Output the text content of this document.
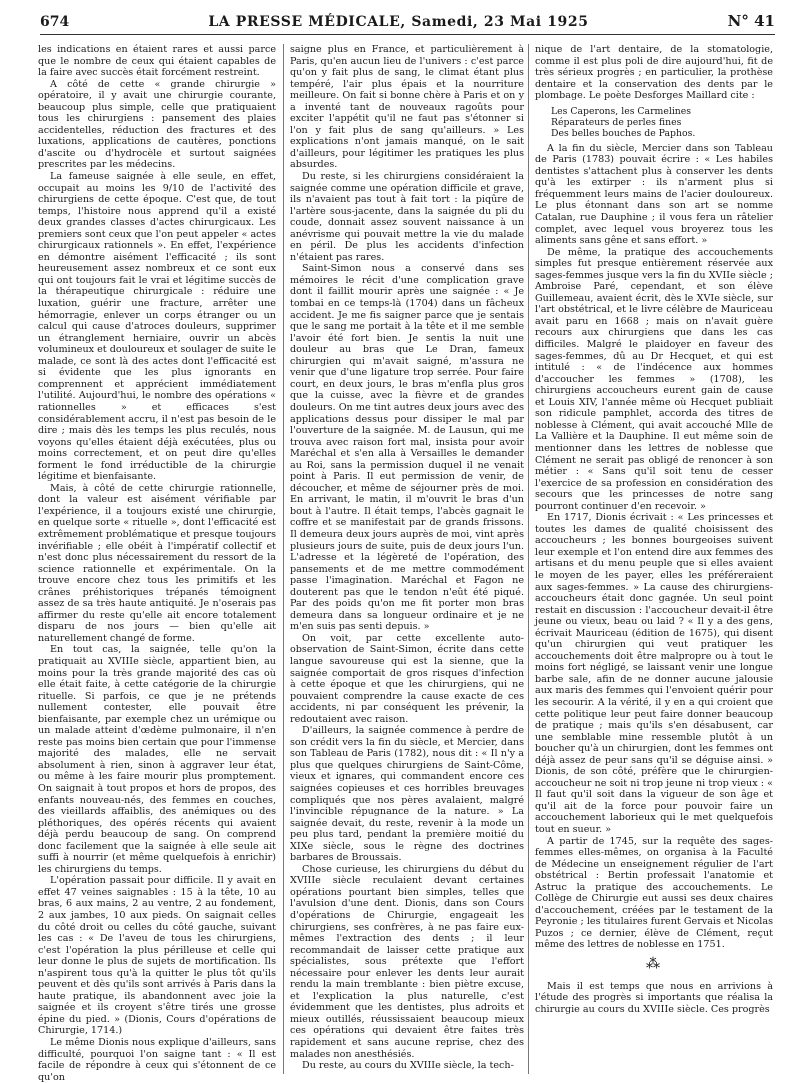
674	LA PRESSE MÉDICALE, Samedi, 23 Mai 1925	N° 41

les indications en étaient rares et aussi parce que le nombre de ceux qui étaient capables de la faire avec succès était forcément restreint.

A côté de cette « grande chirurgie » opératoire, il y avait une chirurgie courante, beaucoup plus simple, celle que pratiquaient tous les chirurgiens : pansement des plaies accidentelles, réduction des fractures et des luxations, applications de cautères, ponctions d'ascite ou d'hydrocèle et surtout saignées prescrites par les médecins.

La fameuse saignée à elle seule, en effet, occupait au moins les 9/10 de l'activité des chirurgiens de cette époque. C'est que, de tout temps, l'histoire nous apprend qu'il a existé deux grandes classes d'actes chirurgicaux. Les premiers sont ceux que l'on peut appeler « actes chirurgicaux rationnels ». En effet, l'expérience en démontre aisément l'efficacité ; ils sont heureusement assez nombreux et ce sont eux qui ont toujours fait le vrai et légitime succès de la thérapeutique chirurgicale : réduire une luxation, guérir une fracture, arrêter une hémorragie, enlever un corps étranger ou un calcul qui cause d'atroces douleurs, supprimer un étranglement herniaire, ouvrir un abcès volumineux et douloureux et soulager de suite le malade, ce sont là des actes dont l'efficacité est si évidente que les plus ignorants en comprennent et apprécient immédiatement l'utilité. Aujourd'hui, le nombre des opérations « rationnelles » et efficaces s'est considérablement accru, il n'est pas besoin de le dire ; mais dès les temps les plus reculés, nous voyons qu'elles étaient déjà exécutées, plus ou moins correctement, et on peut dire qu'elles forment le fond irréductible de la chirurgie légitime et bienfaisante.

Mais, à côté de cette chirurgie rationnelle, dont la valeur est aisément vérifiable par l'expérience, il a toujours existé une chirurgie, en quelque sorte « rituelle », dont l'efficacité est extrêmement problématique et presque toujours invérifiable ; elle obéit à l'impératif collectif et n'est donc plus nécessairement du ressort de la science rationnelle et expérimentale. On la trouve encore chez tous les primitifs et les crânes préhistoriques trépanés témoignent assez de sa très haute antiquité. Je n'oserais pas affirmer du reste qu'elle ait encore totalement disparu de nos jours — bien qu'elle ait naturellement changé de forme.

En tout cas, la saignée, telle qu'on la pratiquait au XVIIIe siècle, appartient bien, au moins pour la très grande majorité des cas où elle était faite, à cette catégorie de la chirurgie rituelle. Si parfois, ce que je ne prétends nullement contester, elle pouvait être bienfaisante, par exemple chez un urémique ou un malade atteint d'œdème pulmonaire, il n'en reste pas moins bien certain que pour l'immense majorité des malades, elle ne servait absolument à rien, sinon à aggraver leur état, ou même à les faire mourir plus promptement. On saignait à tout propos et hors de propos, des enfants nouveau-nés, des femmes en couches, des vieillards affaiblis, des anémiques ou des pléthoriques, des opérés récents qui avaient déjà perdu beaucoup de sang. On comprend donc facilement que la saignée à elle seule ait suffi à nourrir (et même quelquefois à enrichir) les chirurgiens du temps.

L'opération passait pour difficile. Il y avait en effet 47 veines saignables : 15 à la tête, 10 au bras, 6 aux mains, 2 au ventre, 2 au fondement, 2 aux jambes, 10 aux pieds. On saignait celles du côté droit ou celles du côté gauche, suivant les cas : « De l'aveu de tous les chirurgiens, c'est l'opération la plus périlleuse et celle qui leur donne le plus de sujets de mortification. Ils n'aspirent tous qu'à la quitter le plus tôt qu'ils peuvent et dès qu'ils sont arrivés à Paris dans la haute pratique, ils abandonnent avec joie la saignée et ils croyent s'être tirés une grosse épine du pied. » (Dionis, Cours d'opérations de Chirurgie, 1714.)

Le même Dionis nous explique d'ailleurs, sans difficulté, pourquoi l'on saigne tant : « Il est facile de répondre à ceux qui s'étonnent de ce qu'on

saigne plus en France, et particulièrement à Paris, qu'en aucun lieu de l'univers : c'est parce qu'on y fait plus de sang, le climat étant plus tempéré, l'air plus épais et la nourriture meilleure. On fait si bonne chère à Paris et on y a inventé tant de nouveaux ragoûts pour exciter l'appétit qu'il ne faut pas s'étonner si l'on y fait plus de sang qu'ailleurs. » Les explications n'ont jamais manqué, on le sait d'ailleurs, pour légitimer les pratiques les plus absurdes.

Du reste, si les chirurgiens considéraient la saignée comme une opération difficile et grave, ils n'avaient pas tout à fait tort : la piqûre de l'artère sous-jacente, dans la saignée du pli du coude, donnait assez souvent naissance à un anévrisme qui pouvait mettre la vie du malade en péril. De plus les accidents d'infection n'étaient pas rares.

Saint-Simon nous a conservé dans ses mémoires le récit d'une complication grave dont il faillit mourir après une saignée : « Je tombai en ce temps-là (1704) dans un fâcheux accident. Je me fis saigner parce que je sentais que le sang me portait à la tête et il me semble l'avoir été fort bien. Je sentis la nuit une douleur au bras que Le Dran, fameux chirurgien qui m'avait saigné, m'assura ne venir que d'une ligature trop serrée. Pour faire court, en deux jours, le bras m'enfla plus gros que la cuisse, avec la fièvre et de grandes douleurs. On me tint autres deux jours avec des applications dessus pour dissiper le mal par l'ouverture de la saignée. M. de Lausun, qui me trouva avec raison fort mal, insista pour avoir Maréchal et s'en alla à Versailles le demander au Roi, sans la permission duquel il ne venait point à Paris. Il eut permission de venir, de découcher, et même de séjourner près de moi. En arrivant, le matin, il m'ouvrit le bras d'un bout à l'autre. Il était temps, l'abcès gagnait le coffre et se manifestait par de grands frissons. Il demeura deux jours auprès de moi, vint après plusieurs jours de suite, puis de deux jours l'un. L'adresse et la légèreté de l'opération, des pansements et de me mettre commodément passe l'imagination. Maréchal et Fagon ne douterent pas que le tendon n'eût été piqué. Par des poids qu'on me fit porter mon bras demeura dans sa longueur ordinaire et je ne m'en suis pas senti depuis. »

On voit, par cette excellente auto-observation de Saint-Simon, écrite dans cette langue savoureuse qui est la sienne, que la saignée comportait de gros risques d'infection à cette époque et que les chirurgiens, qui ne pouvaient comprendre la cause exacte de ces accidents, ni par conséquent les prévenir, la redoutaient avec raison.

D'ailleurs, la saignée commence à perdre de son crédit vers la fin du siècle, et Mercier, dans son Tableau de Paris (1782), nous dit : « Il n'y a plus que quelques chirurgiens de Saint-Côme, vieux et ignares, qui commandent encore ces saignées copieuses et ces horribles breuvages compliqués que nos pères avalaient, malgré l'invincible répugnance de la nature. » La saignée devait, du reste, revenir à la mode un peu plus tard, pendant la première moitié du XIXe siècle, sous le règne des doctrines barbares de Broussais.

Chose curieuse, les chirurgiens du début du XVIIIe siècle reculaient devant certaines opérations pourtant bien simples, telles que l'avulsion d'une dent. Dionis, dans son Cours d'opérations de Chirurgie, engageait les chirurgiens, ses confrères, à ne pas faire eux-mêmes l'extraction des dents ; il leur recommandait de laisser cette pratique aux spécialistes, sous prétexte que l'effort nécessaire pour enlever les dents leur aurait rendu la main tremblante : bien piètre excuse, et l'explication la plus naturelle, c'est évidemment que les dentistes, plus adroits et mieux outillés, réussissaient beaucoup mieux ces opérations qui devaient être faites très rapidement et sans aucune reprise, chez des malades non anesthésiés.

Du reste, au cours du XVIIIe siècle, la tech-

nique de l'art dentaire, de la stomatologie, comme il est plus poli de dire aujourd'hui, fit de très sérieux progrès ; en particulier, la prothèse dentaire et la conservation des dents par le plombage. Le poète Desforges Maillard cite :

Les Caperons, les Carmelines
Réparateurs de perles fines
Des belles bouches de Paphos.

A la fin du siècle, Mercier dans son Tableau de Paris (1783) pouvait écrire : « Les habiles dentistes s'attachent plus à conserver les dents qu'à les extirper : ils n'arment plus si fréquemment leurs mains de l'acier douloureux. Le plus étonnant dans son art se nomme Catalan, rue Dauphine ; il vous fera un râtelier complet, avec lequel vous broyerez tous les aliments sans gêne et sans effort. »

De même, la pratique des accouchements simples fut presque entièrement réservée aux sages-femmes jusque vers la fin du XVIIe siècle ; Ambroise Paré, cependant, et son élève Guillemeau, avaient écrit, dès le XVIe siècle, sur l'art obstétrical, et le livre célèbre de Mauriceau avait paru en 1668 ; mais on n'avait guère recours aux chirurgiens que dans les cas difficiles. Malgré le plaidoyer en faveur des sages-femmes, dû au Dr Hecquet, et qui est intitulé : « de l'indécence aux hommes d'accoucher les femmes » (1708), les chirurgiens accoucheurs eurent gain de cause et Louis XIV, l'année même où Hecquet publiait son ridicule pamphlet, accorda des titres de noblesse à Clément, qui avait accouché Mlle de La Vallière et la Dauphine. Il eut même soin de mentionner dans les lettres de noblesse que Clément ne serait pas obligé de renoncer à son métier : « Sans qu'il soit tenu de cesser l'exercice de sa profession en considération des secours que les princesses de notre sang pourront continuer d'en recevoir. »

En 1717, Dionis écrivait : « Les princesses et toutes les dames de qualité choisissent des accoucheurs ; les bonnes bourgeoises suivent leur exemple et l'on entend dire aux femmes des artisans et du menu peuple que si elles avaient le moyen de les payer, elles les préféreraient aux sages-femmes. » La cause des chirurgiens-accoucheurs était donc gagnée. Un seul point restait en discussion : l'accoucheur devait-il être jeune ou vieux, beau ou laid ? « Il y a des gens, écrivait Mauriceau (édition de 1675), qui disent qu'un chirurgien qui veut pratiquer les accouchements doit être malpropre ou à tout le moins fort négligé, se laissant venir une longue barbe sale, afin de ne donner aucune jalousie aux maris des femmes qui l'envoient quérir pour les secourir. A la vérité, il y en a qui croient que cette politique leur peut faire donner beaucoup de pratique ; mais qu'ils s'en désabusent, car une semblable mine ressemble plutôt à un boucher qu'à un chirurgien, dont les femmes ont déjà assez de peur sans qu'il se déguise ainsi. » Dionis, de son côté, préfère que le chirurgien-accoucheur ne soit ni trop jeune ni trop vieux : « Il faut qu'il soit dans la vigueur de son âge et qu'il ait de la force pour pouvoir faire un accouchement laborieux qui le met quelquefois tout en sueur. »

A partir de 1745, sur la requête des sages-femmes elles-mêmes, on organisa à la Faculté de Médecine un enseignement régulier de l'art obstétrical : Bertin professait l'anatomie et Astruc la pratique des accouchements. Le Collège de Chirurgie eut aussi ses deux chaires d'accouchement, créées par le testament de la Peyronie ; les titulaires furent Gervais et Nicolas Puzos ; ce dernier, élève de Clément, reçut même des lettres de noblesse en 1751.

⁂

Mais il est temps que nous en arrivions à l'étude des progrès si importants que réalisa la chirurgie au cours du XVIIIe siècle. Ces progrès
